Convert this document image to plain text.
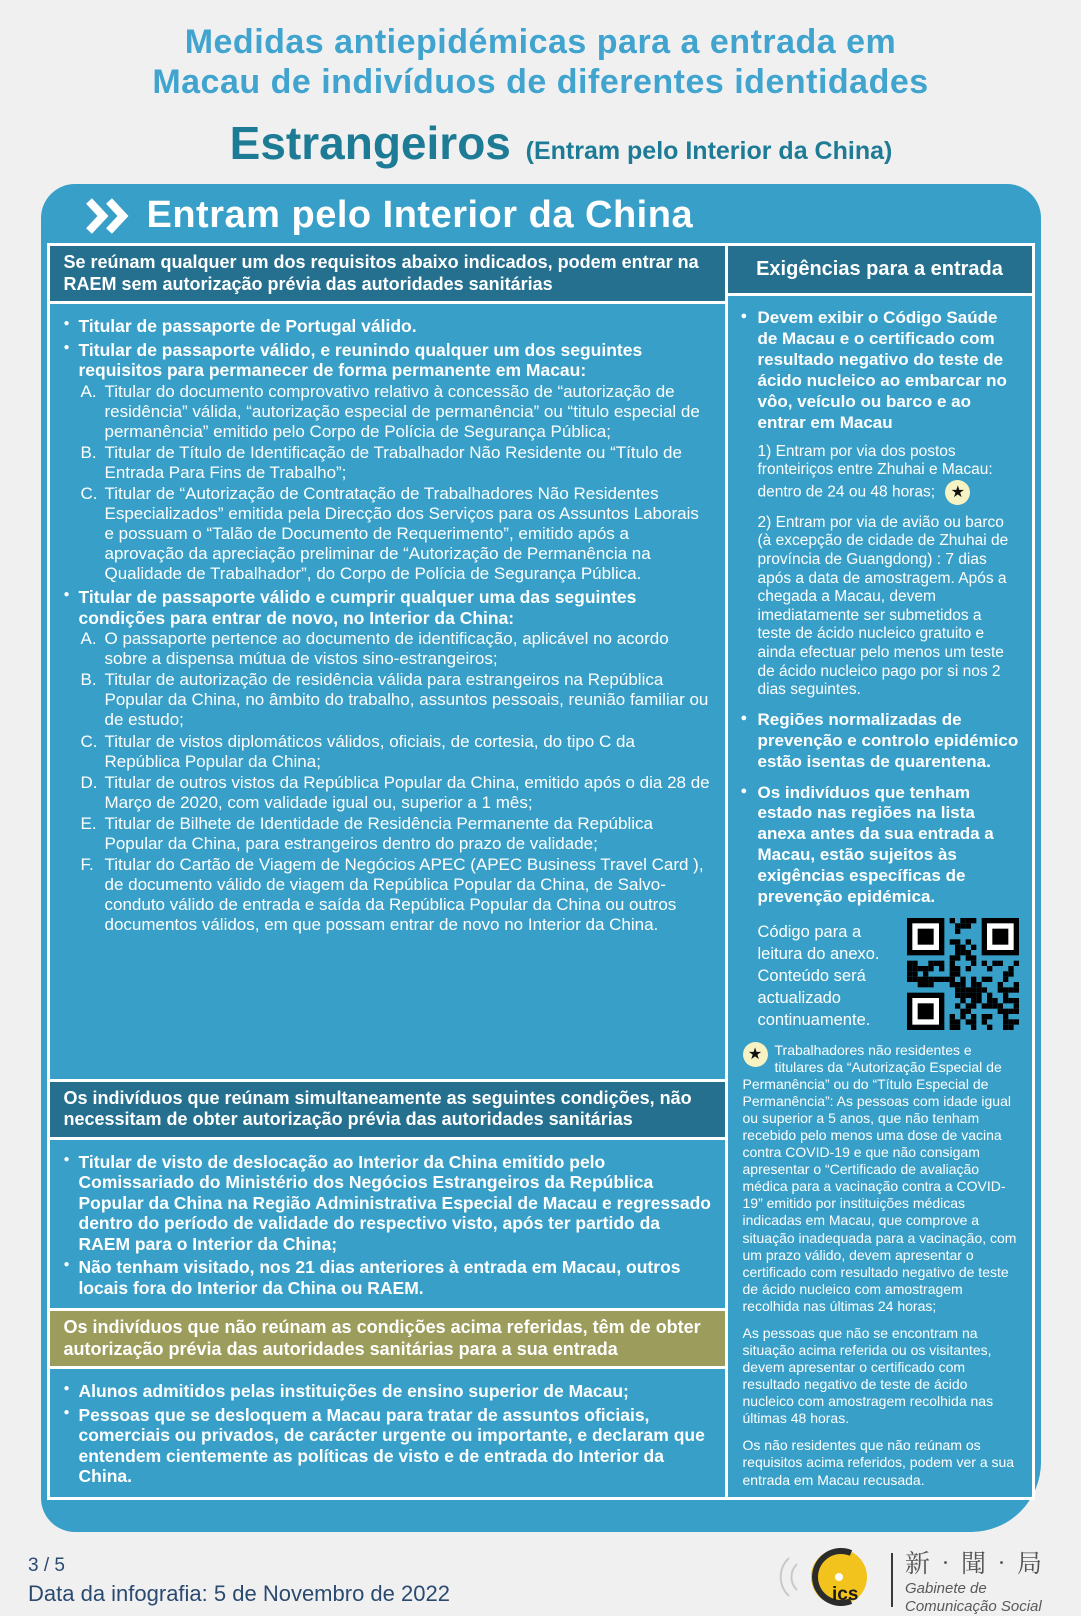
Medidas antiepidémicas para a entrada em
Macau de indivíduos de diferentes identidades
Estrangeiros (Entram pelo Interior da China)
Entram pelo Interior da China
Se reúnam qualquer um dos requisitos abaixo indicados, podem entrar na RAEM sem autorização prévia das autoridades sanitárias
● Titular de passaporte de Portugal válido.
● Titular de passaporte válido, e reunindo qualquer um dos seguintes requisitos para permanecer de forma permanente em Macau:
A. Titular do documento comprovativo relativo à concessão de “autorização de residência” válida, “autorização especial de permanência” ou “titulo especial de permanência” emitido pelo Corpo de Polícia de Segurança Pública;
B. Titular de Título de Identificação de Trabalhador Não Residente ou “Título de Entrada Para Fins de Trabalho”;
C. Titular de “Autorização de Contratação de Trabalhadores Não Residentes Especializados” emitida pela Direcção dos Serviços para os Assuntos Laborais e possuam o “Talão de Documento de Requerimento”, emitido após a aprovação da apreciação preliminar de “Autorização de Permanência na Qualidade de Trabalhador”, do Corpo de Polícia de Segurança Pública.
● Titular de passaporte válido e cumprir qualquer uma das seguintes condições para entrar de novo, no Interior da China:
A. O passaporte pertence ao documento de identificação, aplicável no acordo sobre a dispensa mútua de vistos sino-estrangeiros;
B. Titular de autorização de residência válida para estrangeiros na República Popular da China, no âmbito do trabalho, assuntos pessoais, reunião familiar ou de estudo;
C. Titular de vistos diplomáticos válidos, oficiais, de cortesia, do tipo C da República Popular da China;
D. Titular de outros vistos da República Popular da China, emitido após o dia 28 de Março de 2020, com validade igual ou, superior a 1 mês;
E. Titular de Bilhete de Identidade de Residência Permanente da República Popular da China, para estrangeiros dentro do prazo de validade;
F. Titular do Cartão de Viagem de Negócios APEC (APEC Business Travel Card ), de documento válido de viagem da República Popular da China, de Salvo-conduto válido de entrada e saída da República Popular da China ou outros documentos válidos, em que possam entrar de novo no Interior da China.
Os indivíduos que reúnam simultaneamente as seguintes condições, não necessitam de obter autorização prévia das autoridades sanitárias
● Titular de visto de deslocação ao Interior da China emitido pelo Comissariado do Ministério dos Negócios Estrangeiros da República Popular da China na Região Administrativa Especial de Macau e regressado dentro do período de validade do respectivo visto, após ter partido da RAEM para o Interior da China;
● Não tenham visitado, nos 21 dias anteriores à entrada em Macau, outros locais fora do Interior da China ou RAEM.
Os indivíduos que não reúnam as condições acima referidas, têm de obter autorização prévia das autoridades sanitárias para a sua entrada
● Alunos admitidos pelas instituições de ensino superior de Macau;
● Pessoas que se desloquem a Macau para tratar de assuntos oficiais, comerciais ou privados, de carácter urgente ou importante, e declaram que entendem cientemente as políticas de visto e de entrada do Interior da China.
Exigências para a entrada
● Devem exibir o Código Saúde de Macau e o certificado com resultado negativo do teste de ácido nucleico ao embarcar no vôo, veículo ou barco e ao entrar em Macau
1) Entram por via dos postos fronteiriços entre Zhuhai e Macau: dentro de 24 ou 48 horas; ★
2) Entram por via de avião ou barco (à excepção de cidade de Zhuhai de província de Guangdong) : 7 dias após a data de amostragem. Após a chegada a Macau, devem imediatamente ser submetidos a teste de ácido nucleico gratuito e ainda efectuar pelo menos um teste de ácido nucleico pago por si nos 2 dias seguintes.
● Regiões normalizadas de prevenção e controlo epidémico estão isentas de quarentena.
● Os indivíduos que tenham estado nas regiões na lista anexa antes da sua entrada a Macau, estão sujeitos às exigências específicas de prevenção epidémica.
Código para a leitura do anexo. Conteúdo será actualizado continuamente.
★ Trabalhadores não residentes e titulares da “Autorização Especial de Permanência” ou do “Título Especial de Permanência”: As pessoas com idade igual ou superior a 5 anos, que não tenham recebido pelo menos uma dose de vacina contra COVID-19 e que não consigam apresentar o “Certificado de avaliação médica para a vacinação contra a COVID-19” emitido por instituições médicas indicadas em Macau, que comprove a situação inadequada para a vacinação, com um prazo válido, devem apresentar o certificado com resultado negativo de teste de ácido nucleico com amostragem recolhida nas últimas 24 horas;
As pessoas que não se encontram na situação acima referida ou os visitantes, devem apresentar o certificado com resultado negativo de teste de ácido nucleico com amostragem recolhida nas últimas 48 horas.
Os não residentes que não reúnam os requisitos acima referidos, podem ver a sua entrada em Macau recusada.
3 / 5
Data da infografia: 5 de Novembro de 2022	ics
新‧聞‧局
Gabinete de
Comunicação Social
